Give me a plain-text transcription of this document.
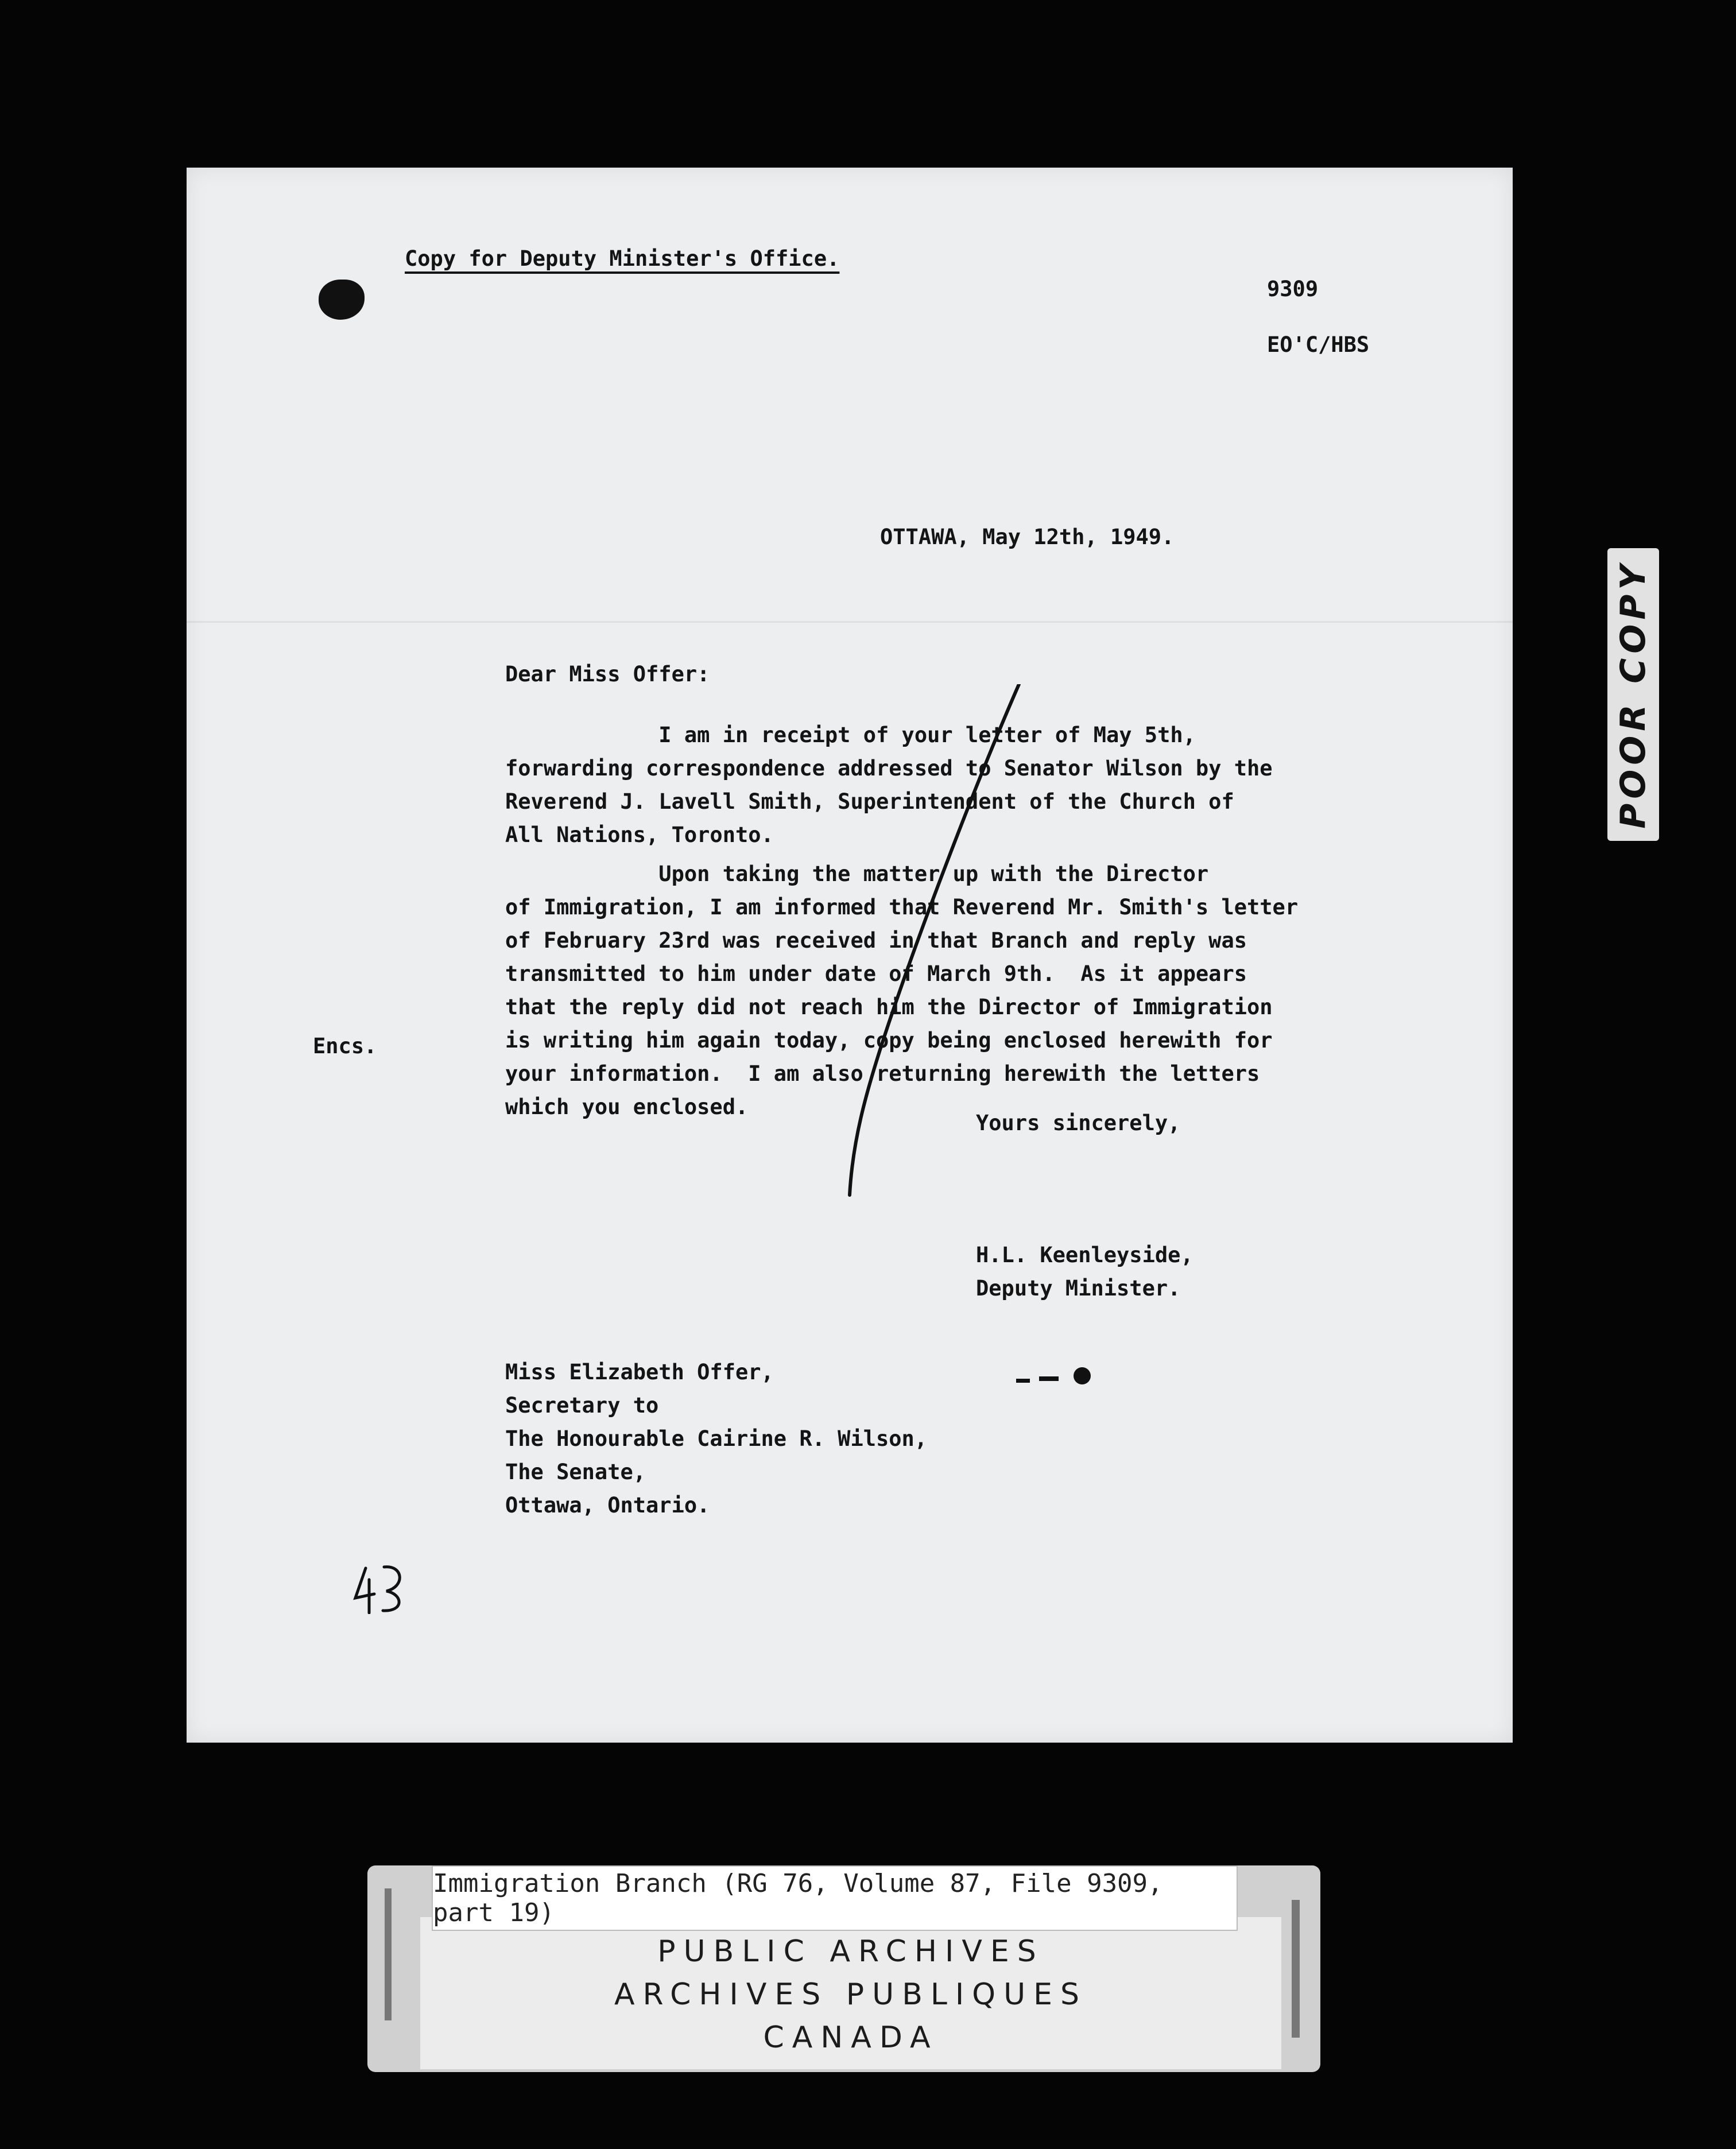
Copy for Deputy Minister's Office.
9309
EO'C/HBS
OTTAWA, May 12th, 1949.
Dear Miss Offer:
I am in receipt of your letter of May 5th,
forwarding correspondence addressed to Senator Wilson by the
Reverend J. Lavell Smith, Superintendent of the Church of
All Nations, Toronto.
Upon taking the matter up with the Director
of Immigration, I am informed that Reverend Mr. Smith's letter
of February 23rd was received in that Branch and reply was
transmitted to him under date of March 9th.  As it appears
that the reply did not reach him the Director of Immigration
is writing him again today, copy being enclosed herewith for
your information.  I am also returning herewith the letters
which you enclosed.
Encs.
Yours sincerely,
H.L. Keenleyside,
Deputy Minister.
Miss Elizabeth Offer,
Secretary to
The Honourable Cairine R. Wilson,
The Senate,
Ottawa, Ontario.
POOR COPY
PUBLIC ARCHIVES
ARCHIVES PUBLIQUES
CANADA
Immigration Branch (RG 76, Volume 87, File 9309, part 19)
